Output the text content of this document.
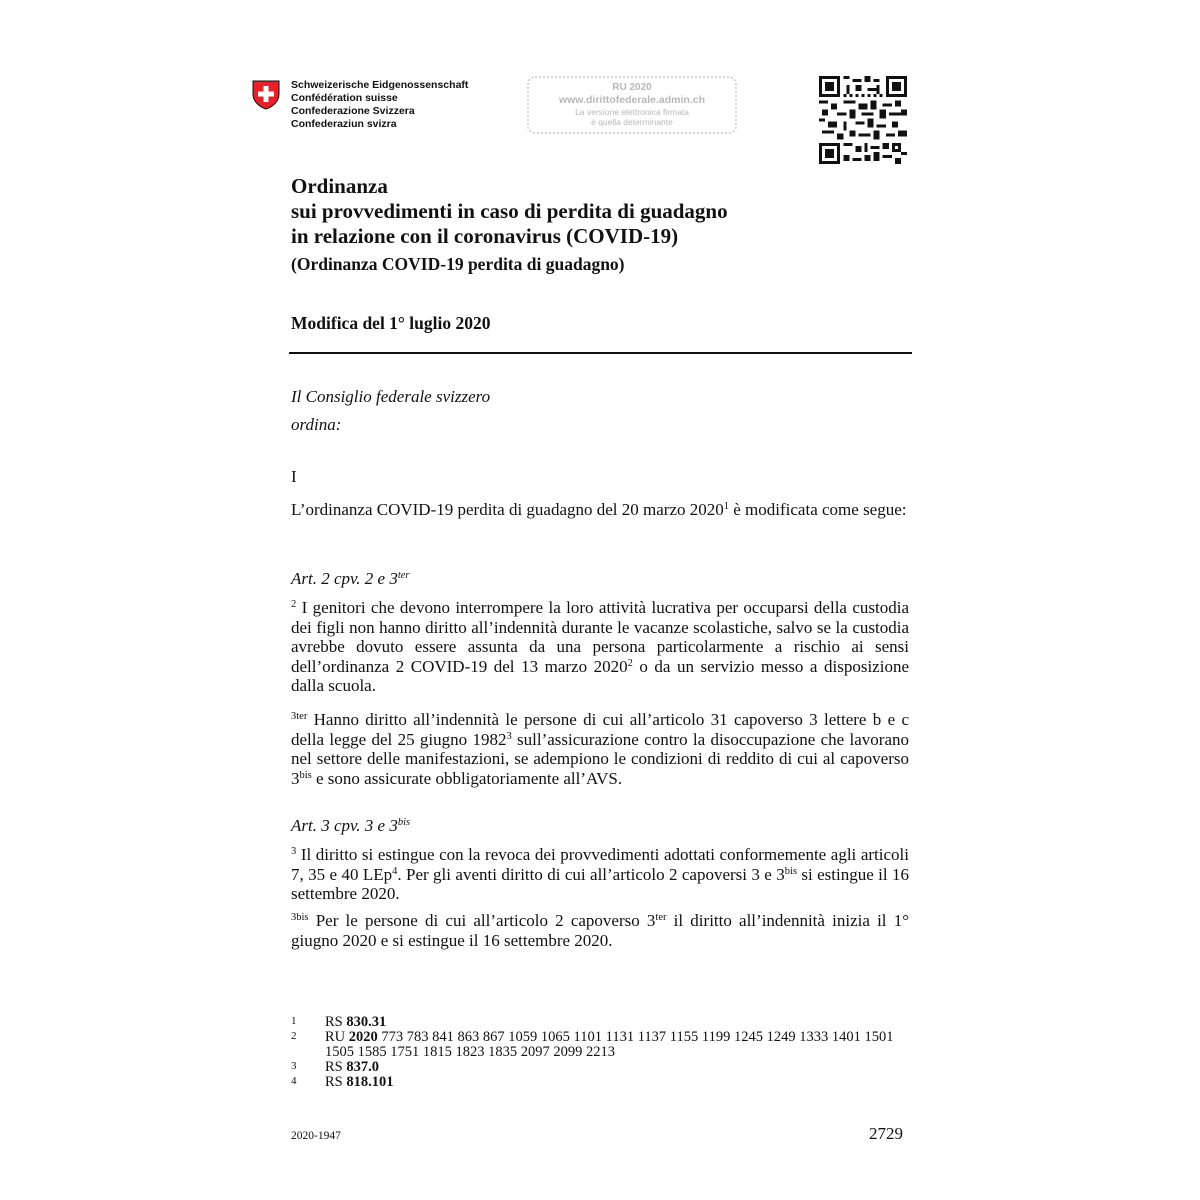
Schweizerische Eidgenossenschaft
Confédération suisse
Confederazione Svizzera
Confederaziun svizra
RU 2020
www.dirittofederale.admin.ch
La versione elettronica firmata
è quella determinante
Ordinanza
sui provvedimenti in caso di perdita di guadagno
in relazione con il coronavirus (COVID-19)
(Ordinanza COVID-19 perdita di guadagno)
Modifica del 1° luglio 2020
Il Consiglio federale svizzero
ordina:
I
L’ordinanza COVID-19 perdita di guadagno del 20 marzo 2020$^1$ è modificata come segue:
Art. 2 cpv. 2 e $3^{ter}$
$^2$ I genitori che devono interrompere la loro attività lucrativa per occuparsi della custodia dei figli non hanno diritto all’indennità durante le vacanze scolastiche, salvo se la custodia avrebbe dovuto essere assunta da una persona particolarmente a rischio ai sensi dell’ordinanza 2 COVID-19 del 13 marzo 2020$^2$ o da un servizio messo a disposizione dalla scuola.
$^{3ter}$ Hanno diritto all’indennità le persone di cui all’articolo 31 capoverso 3 lettere b e c della legge del 25 giugno 1982$^3$ sull’assicurazione contro la disoccupazione che lavorano nel settore delle manifestazioni, se adempiono le condizioni di reddito di cui al capoverso $3^{bis}$ e sono assicurate obbligatoriamente all’AVS.
Art. 3 cpv. 3 e $3^{bis}$
$^3$ Il diritto si estingue con la revoca dei provvedimenti adottati conformemente agli articoli 7, 35 e 40 LEp$^4$. Per gli aventi diritto di cui all’articolo 2 capoversi 3 e $3^{bis}$ si estingue il 16 settembre 2020.
$^{3bis}$ Per le persone di cui all’articolo 2 capoverso $3^{ter}$ il diritto all’indennità inizia il 1° giugno 2020 e si estingue il 16 settembre 2020.
1	RS 830.31
2	RU 2020 773 783 841 863 867 1059 1065 1101 1131 1137 1155 1199 1245 1249 1333 1401 1501 1505 1585 1751 1815 1823 1835 2097 2099 2213
3	RS 837.0
4	RS 818.101
2020-1947	2729
